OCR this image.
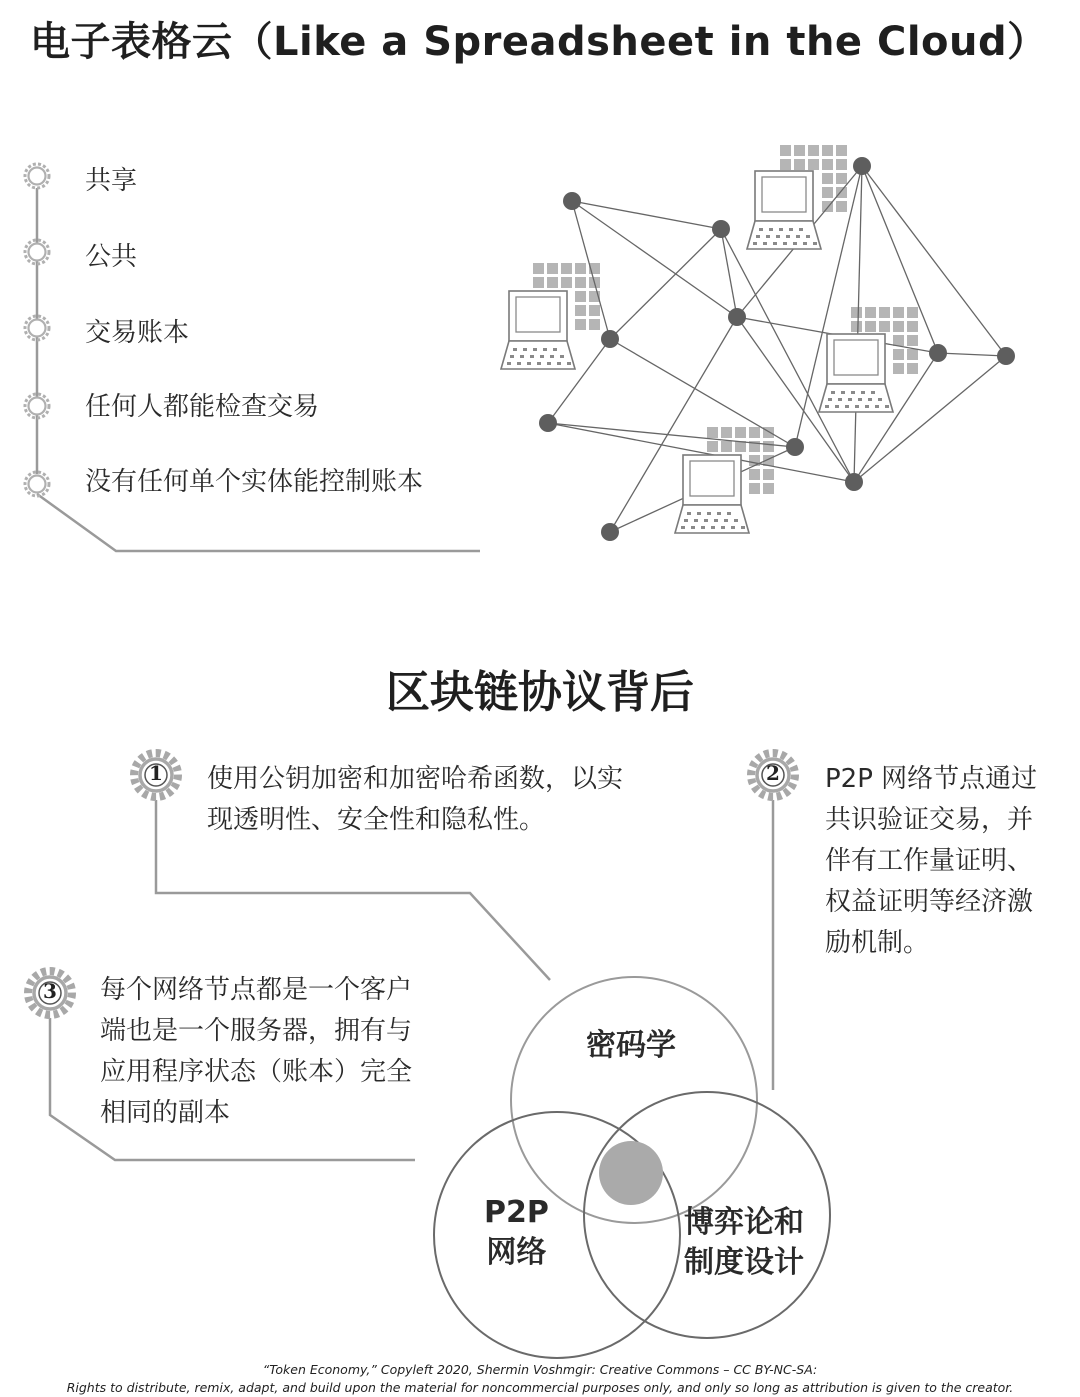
电子表格云（Like a Spreadsheet in the Cloud）
共享
公共
交易账本
任何人都能检查交易
没有任何单个实体能控制账本
区块链协议背后
1	2
3
使用公钥加密和加密哈希函数，以实
现透明性、安全性和隐私性。
P2P 网络节点通过
共识验证交易，并
伴有工作量证明、
权益证明等经济激
励机制。
每个网络节点都是一个客户
端也是一个服务器，拥有与
应用程序状态（账本）完全
相同的副本
密码学
P2P
网络
博弈论和
制度设计
“Token Economy,” Copyleft 2020, Shermin Voshmgir: Creative Commons – CC BY-NC-SA:
Rights to distribute, remix, adapt, and build upon the material for noncommercial purposes only, and only so long as attribution is given to the creator.
